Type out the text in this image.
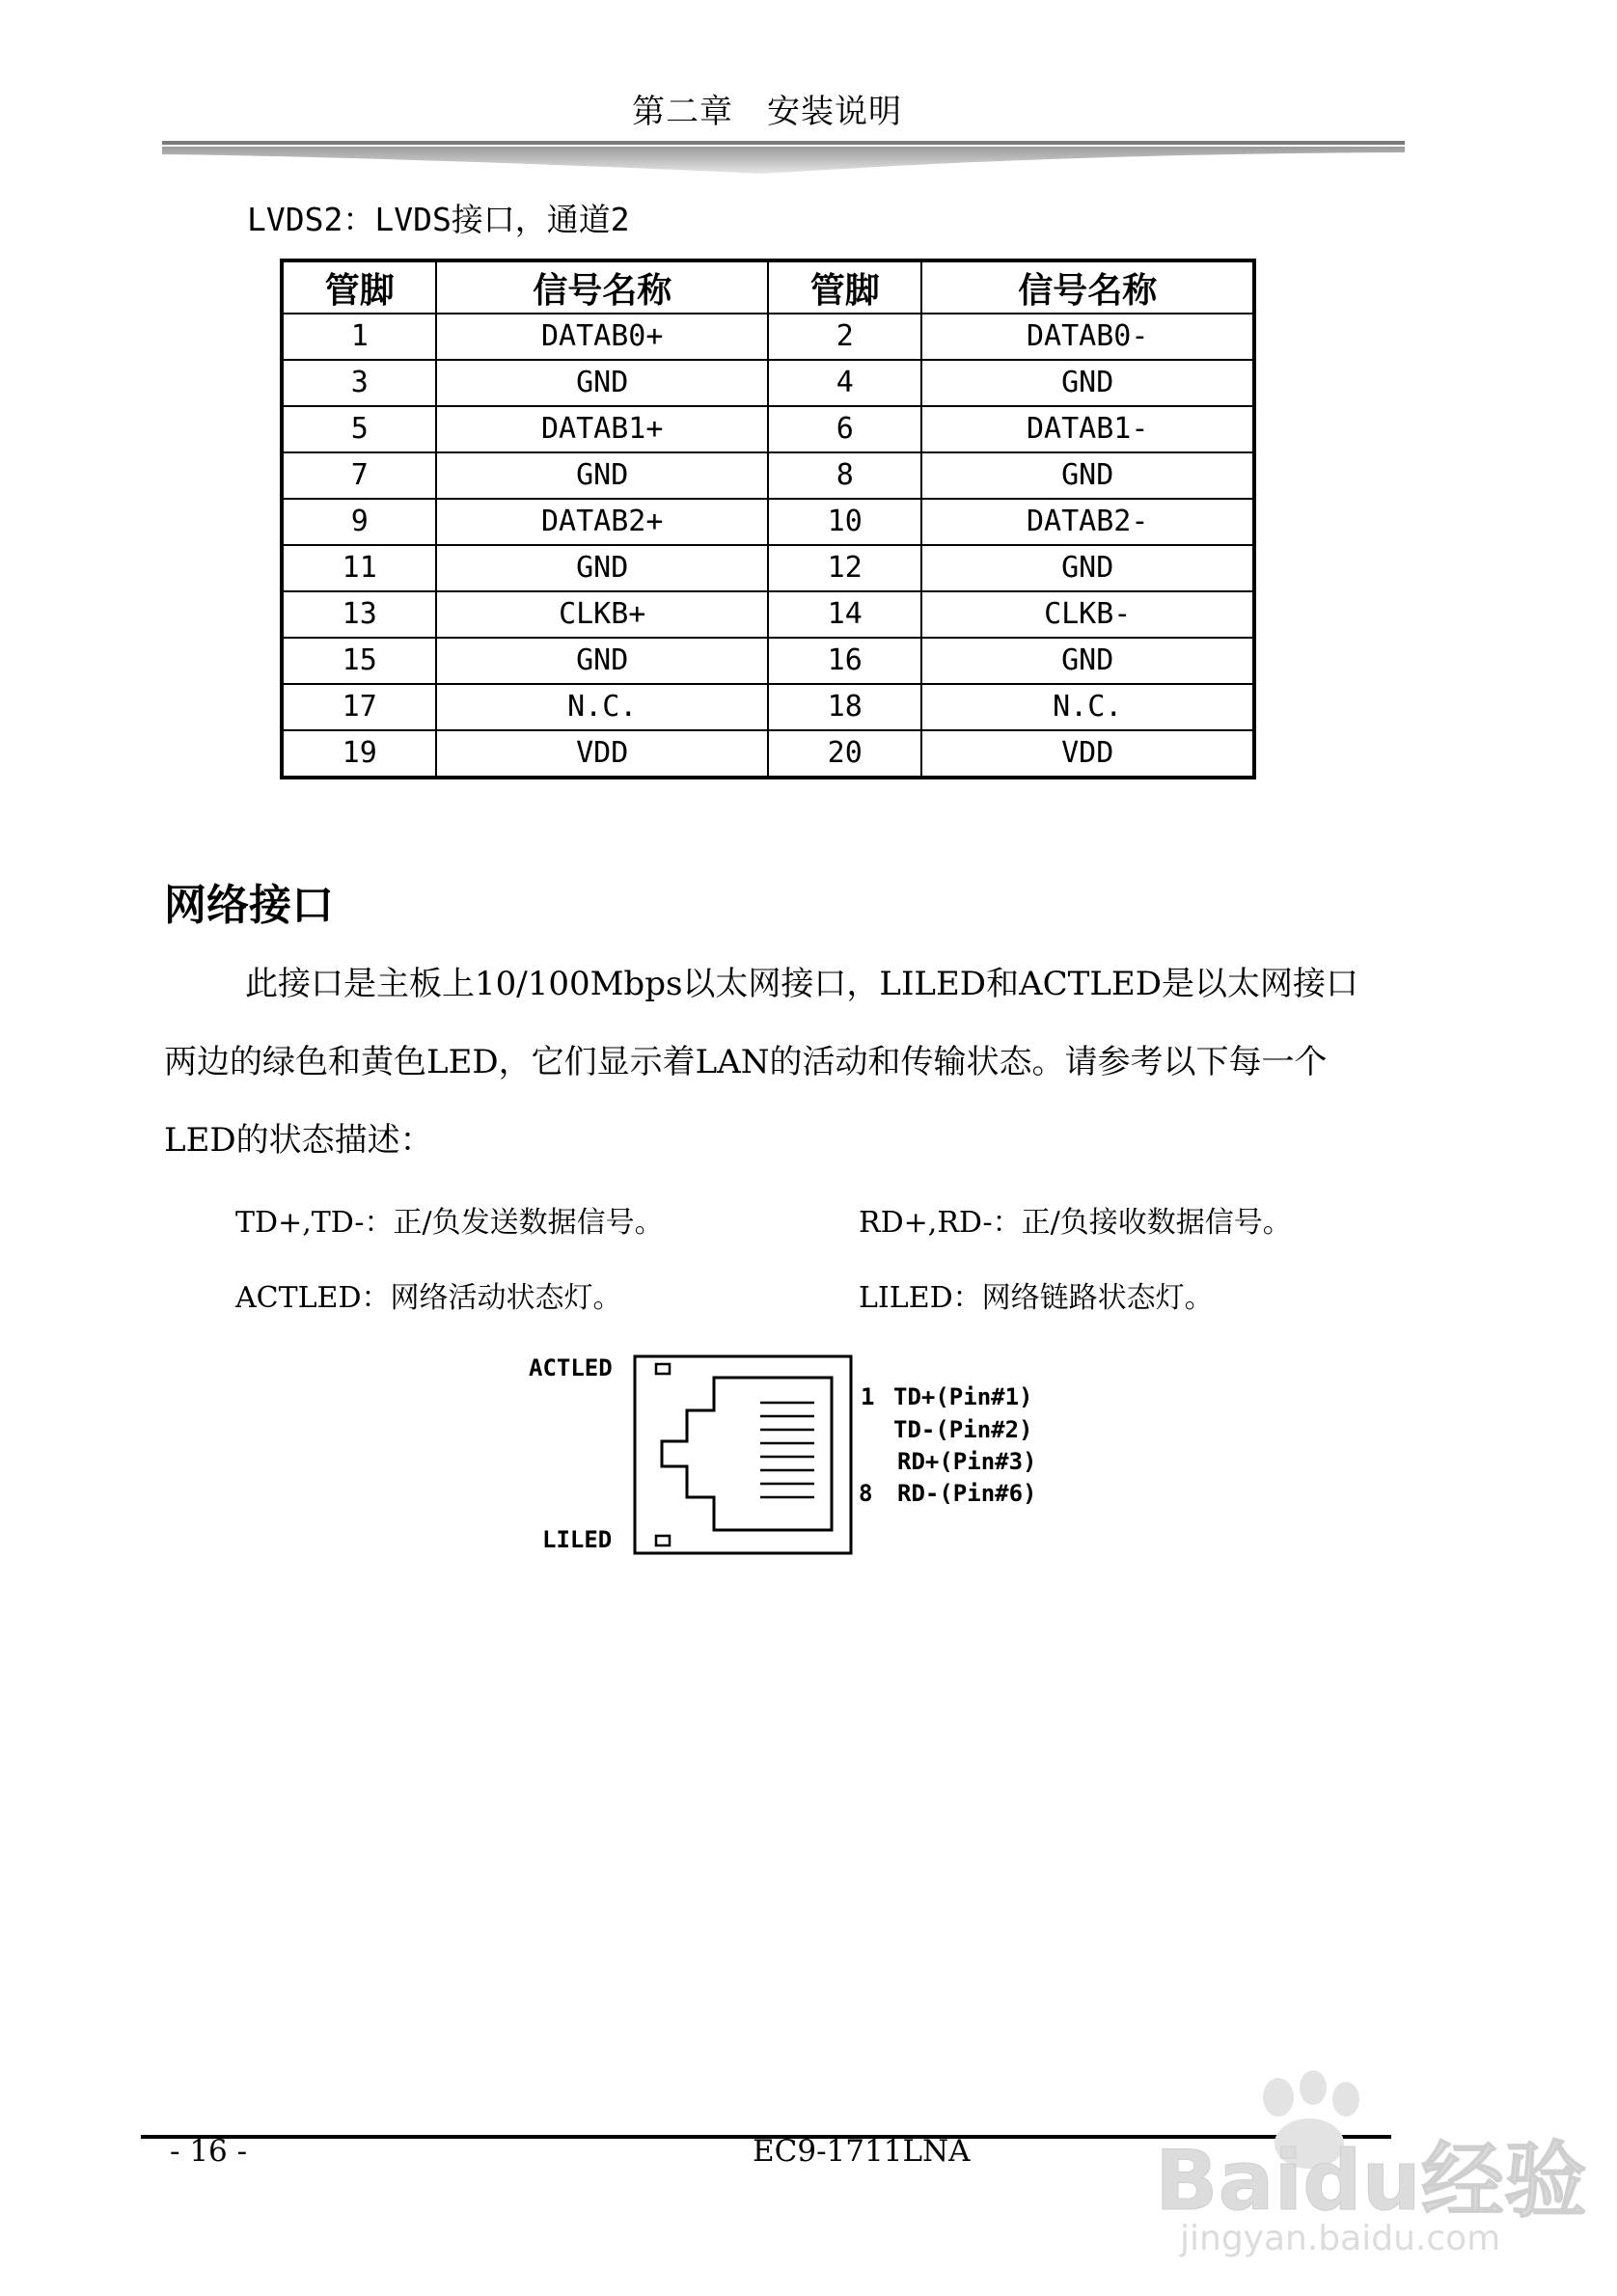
第二章　安装说明
LVDS2：LVDS接口，通道2
管脚	信号名称	管脚	信号名称
1	DATAB0+	2	DATAB0-
3	GND	4	GND
5	DATAB1+	6	DATAB1-
7	GND	8	GND
9	DATAB2+	10	DATAB2-
11	GND	12	GND
13	CLKB+	14	CLKB-
15	GND	16	GND
17	N.C.	18	N.C.
19	VDD	20	VDD
网络接口
此接口是主板上10/100Mbps以太网接口，LILED和ACTLED是以太网接口两边的绿色和黄色LED，它们显示着LAN的活动和传输状态。请参考以下每一个LED的状态描述：
TD+,TD-：正/负发送数据信号。	RD+,RD-：正/负接收数据信号。
ACTLED：网络活动状态灯。	LILED：网络链路状态灯。
ACTLED
LILED
1
8
TD+(Pin#1)
TD-(Pin#2)
RD+(Pin#3)
RD-(Pin#6)
- 16 -	EC9-1711LNA Baidu经验
jingyan.baidu.com
